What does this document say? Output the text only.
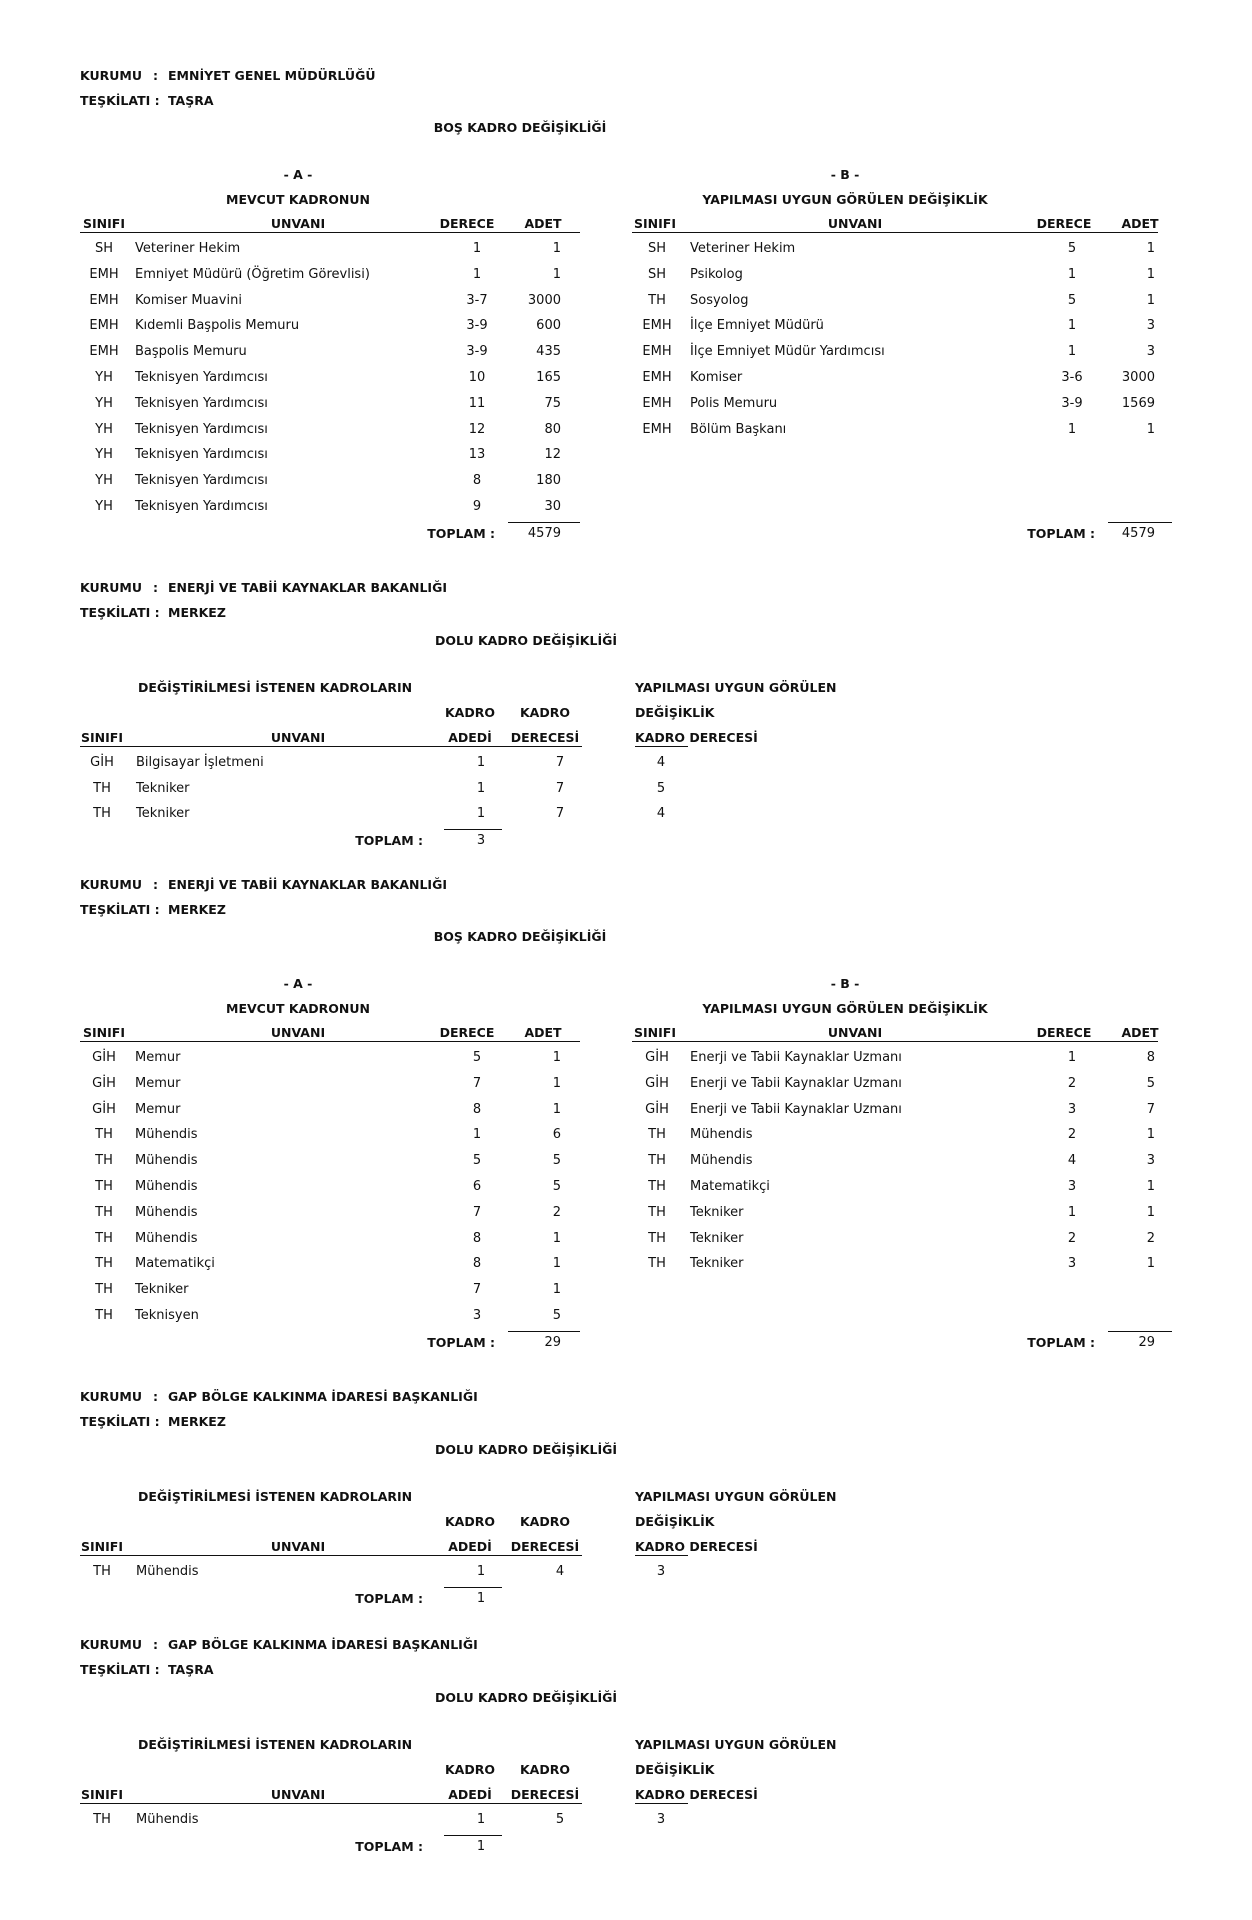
KURUMU : EMNİYET GENEL MÜDÜRLÜĞÜ
TEŞKİLATI : TAŞRA
BOŞ KADRO DEĞİŞİKLİĞİ
- A -	- B -
MEVCUT KADRONUN	YAPILMASI UYGUN GÖRÜLEN DEĞİŞİKLİK
SINIFI	UNVANI	DERECE	ADET	SINIFI	UNVANI	DERECE	ADET
SH	Veteriner Hekim	1	1
EMH	Emniyet Müdürü (Öğretim Görevlisi)	1	1
EMH	Komiser Muavini	3-7	3000
EMH	Kıdemli Başpolis Memuru	3-9	600
EMH	Başpolis Memuru	3-9	435
YH	Teknisyen Yardımcısı	10	165
YH	Teknisyen Yardımcısı	11	75
YH	Teknisyen Yardımcısı	12	80
YH	Teknisyen Yardımcısı	13	12
YH	Teknisyen Yardımcısı	8	180
YH	Teknisyen Yardımcısı	9	30
SH	Veteriner Hekim	5	1
SH	Psikolog	1	1
TH	Sosyolog	5	1
EMH	İlçe Emniyet Müdürü	1	3
EMH	İlçe Emniyet Müdür Yardımcısı	1	3
EMH	Komiser	3-6	3000
EMH	Polis Memuru	3-9	1569
EMH	Bölüm Başkanı	1	1
TOPLAM :	4579	TOPLAM :	4579
KURUMU : ENERJİ VE TABİİ KAYNAKLAR BAKANLIĞI
TEŞKİLATI : MERKEZ
DOLU KADRO DEĞİŞİKLİĞİ
DEĞİŞTİRİLMESİ İSTENEN KADROLARIN	YAPILMASI UYGUN GÖRÜLEN
KADRO	KADRO	DEĞİŞİKLİK
SINIFI	UNVANI	ADEDİ	DERECESİ	KADRO DERECESİ
GİH	Bilgisayar İşletmeni	1	7	4
TH	Tekniker	1	7	5
TH	Tekniker	1	7	4
TOPLAM :	3
KURUMU : ENERJİ VE TABİİ KAYNAKLAR BAKANLIĞI
TEŞKİLATI : MERKEZ
BOŞ KADRO DEĞİŞİKLİĞİ
- A -	- B -
MEVCUT KADRONUN	YAPILMASI UYGUN GÖRÜLEN DEĞİŞİKLİK
SINIFI	UNVANI	DERECE	ADET	SINIFI	UNVANI	DERECE	ADET
GİH	Memur	5	1
GİH	Memur	7	1
GİH	Memur	8	1
TH	Mühendis	1	6
TH	Mühendis	5	5
TH	Mühendis	6	5
TH	Mühendis	7	2
TH	Mühendis	8	1
TH	Matematikçi	8	1
TH	Tekniker	7	1
TH	Teknisyen	3	5
GİH	Enerji ve Tabii Kaynaklar Uzmanı	1	8
GİH	Enerji ve Tabii Kaynaklar Uzmanı	2	5
GİH	Enerji ve Tabii Kaynaklar Uzmanı	3	7
TH	Mühendis	2	1
TH	Mühendis	4	3
TH	Matematikçi	3	1
TH	Tekniker	1	1
TH	Tekniker	2	2
TH	Tekniker	3	1
TOPLAM :	29	TOPLAM :	29
KURUMU : GAP BÖLGE KALKINMA İDARESİ BAŞKANLIĞI
TEŞKİLATI : MERKEZ
DOLU KADRO DEĞİŞİKLİĞİ
DEĞİŞTİRİLMESİ İSTENEN KADROLARIN	YAPILMASI UYGUN GÖRÜLEN
KADRO	KADRO	DEĞİŞİKLİK
SINIFI	UNVANI	ADEDİ	DERECESİ	KADRO DERECESİ
TH	Mühendis	1	4	3
TOPLAM :	1
KURUMU : GAP BÖLGE KALKINMA İDARESİ BAŞKANLIĞI
TEŞKİLATI : TAŞRA
DOLU KADRO DEĞİŞİKLİĞİ
DEĞİŞTİRİLMESİ İSTENEN KADROLARIN	YAPILMASI UYGUN GÖRÜLEN
KADRO	KADRO	DEĞİŞİKLİK
SINIFI	UNVANI	ADEDİ	DERECESİ	KADRO DERECESİ
TH	Mühendis	1	5	3
TOPLAM :	1
